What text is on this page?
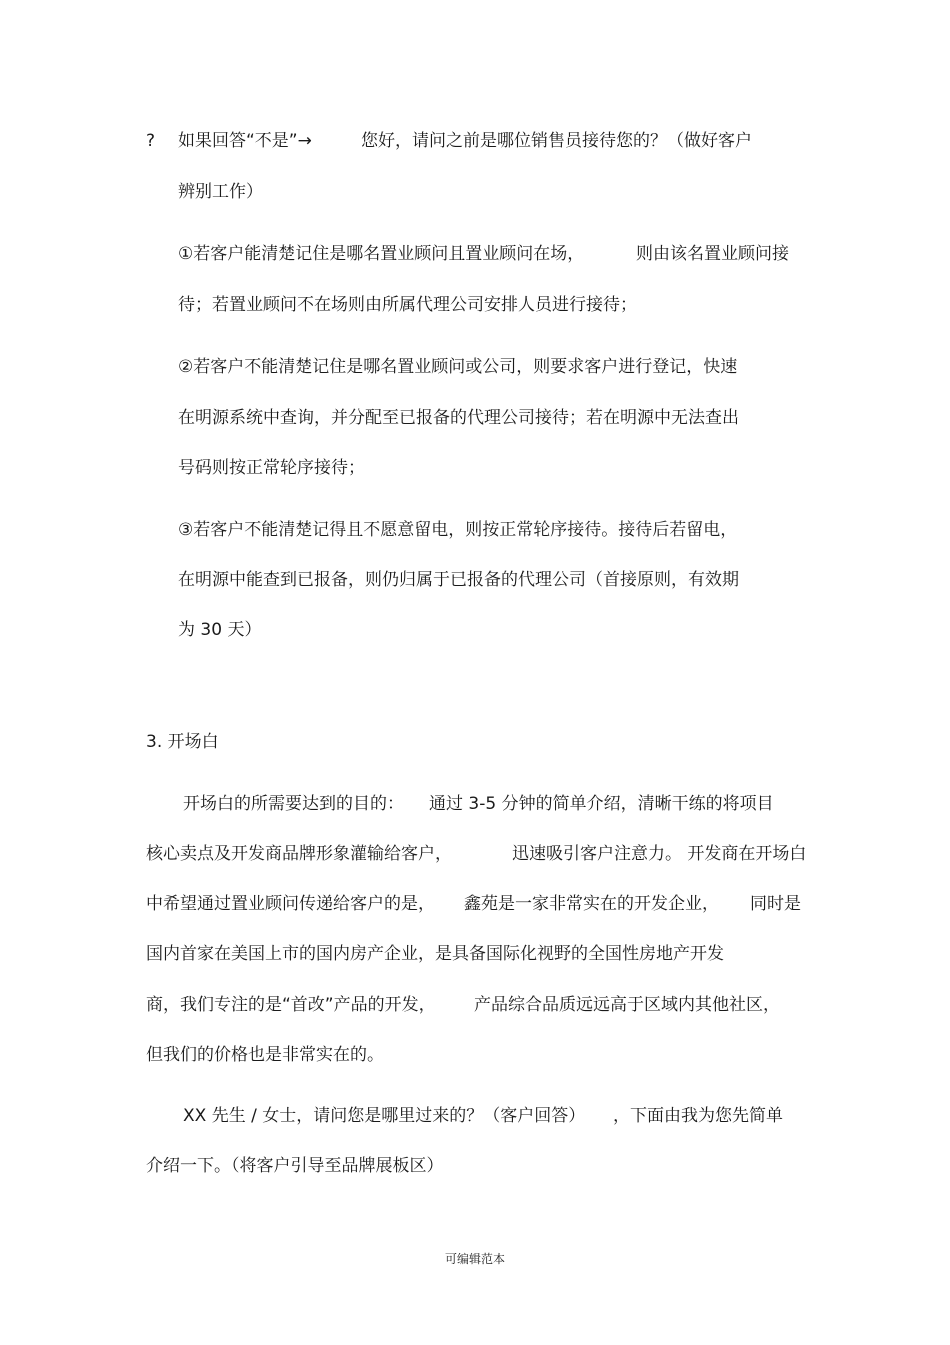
? 如果回答“不是”→	您好，请问之前是哪位销售员接待您的？（做好客户
辨别工作）
①若客户能清楚记住是哪名置业顾问且置业顾问在场，	则由该名置业顾问接
待；若置业顾问不在场则由所属代理公司安排人员进行接待；
②若客户不能清楚记住是哪名置业顾问或公司，则要求客户进行登记，快速
在明源系统中查询，并分配至已报备的代理公司接待；若在明源中无法查出
号码则按正常轮序接待；
③若客户不能清楚记得且不愿意留电，则按正常轮序接待。接待后若留电，
在明源中能查到已报备，则仍归属于已报备的代理公司（首接原则，有效期
为 30 天）
3. 开场白
开场白的所需要达到的目的： 通过 3-5 分钟的简单介绍，清晰干练的将项目
核心卖点及开发商品牌形象灌输给客户，	迅速吸引客户注意力。 开发商在开场白
中希望通过置业顾问传递给客户的是， 鑫苑是一家非常实在的开发企业， 同时是
国内首家在美国上市的国内房产企业，是具备国际化视野的全国性房地产开发
商，我们专注的是“首改”产品的开发， 产品综合品质远远高于区域内其他社区，
但我们的价格也是非常实在的。
XX 先生 / 女士，请问您是哪里过来的？（客户回答） ，下面由我为您先简单
介绍一下。（将客户引导至品牌展板区）
可编辑范本
